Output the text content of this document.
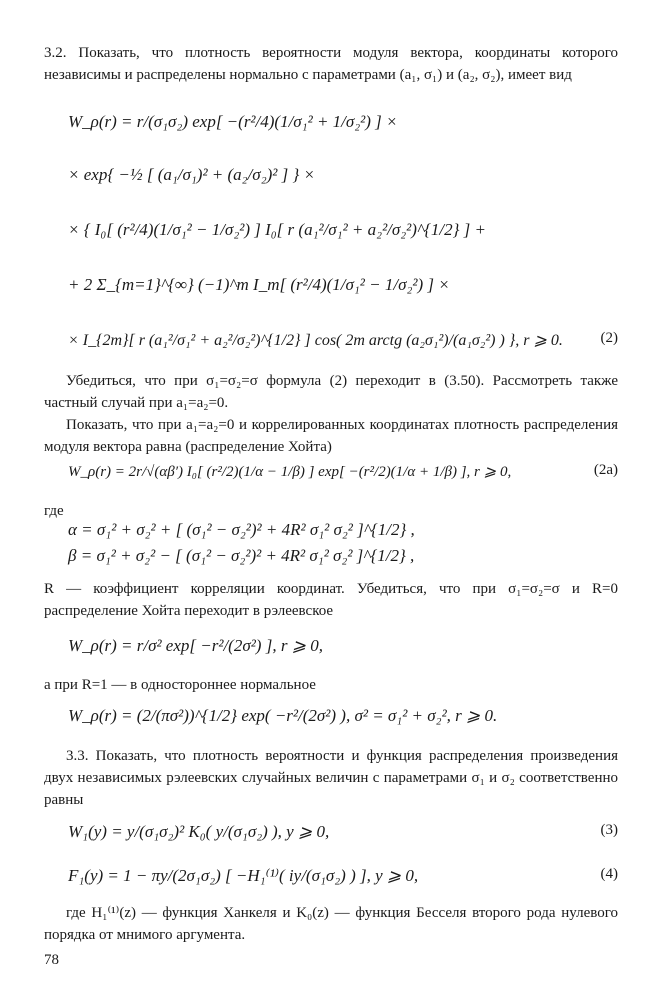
3.2. Показать, что плотность вероятности модуля вектора, координаты которого независимы и распределены нормально с параметрами (a₁, σ₁) и (a₂, σ₂), имеет вид
W_ρ(r) = r/(σ₁σ₂) exp[ −(r²/4)(1/σ₁² + 1/σ₂²) ] ×
× exp{ −½ [ (a₁/σ₁)² + (a₂/σ₂)² ] } ×
× { I₀[ (r²/4)(1/σ₁² − 1/σ₂²) ] I₀[ r (a₁²/σ₁² + a₂²/σ₂²)^{1/2} ] +
+ 2 Σ_{m=1}^{∞} (−1)^m I_m[ (r²/4)(1/σ₁² − 1/σ₂²) ] ×
× I_{2m}[ r (a₁²/σ₁² + a₂²/σ₂²)^{1/2} ] cos( 2m arctg (a₂σ₁²)/(a₁σ₂²) ) }, r ⩾ 0.	(2)
Убедиться, что при σ₁=σ₂=σ формула (2) переходит в (3.50). Рассмотреть также частный случай при a₁=a₂=0.
Показать, что при a₁=a₂=0 и коррелированных координатах плотность распределения модуля вектора равна (распределение Хойта)
W_ρ(r) = 2r/√(αβ′) I₀[ (r²/2)(1/α − 1/β) ] exp[ −(r²/2)(1/α + 1/β) ], r ⩾ 0,	(2a)
где
α = σ₁² + σ₂² + [ (σ₁² − σ₂²)² + 4R² σ₁² σ₂² ]^{1/2} ,
β = σ₁² + σ₂² − [ (σ₁² − σ₂²)² + 4R² σ₁² σ₂² ]^{1/2} ,
R — коэффициент корреляции координат. Убедиться, что при σ₁=σ₂=σ и R=0 распределение Хойта переходит в рэлеевское
W_ρ(r) = r/σ² exp[ −r²/(2σ²) ], r ⩾ 0,
а при R=1 — в одностороннее нормальное
W_ρ(r) = (2/(πσ²))^{1/2} exp( −r²/(2σ²) ), σ² = σ₁² + σ₂², r ⩾ 0.
3.3. Показать, что плотность вероятности и функция распределения произведения двух независимых рэлеевских случайных величин с параметрами σ₁ и σ₂ соответственно равны
W₁(y) = y/(σ₁σ₂)² K₀( y/(σ₁σ₂) ), y ⩾ 0,	(3)
F₁(y) = 1 − πy/(2σ₁σ₂) [ −H₁⁽¹⁾( iy/(σ₁σ₂) ) ], y ⩾ 0,	(4)
где H₁⁽¹⁾(z) — функция Ханкеля и K₀(z) — функция Бесселя второго рода нулевого порядка от мнимого аргумента.
78
